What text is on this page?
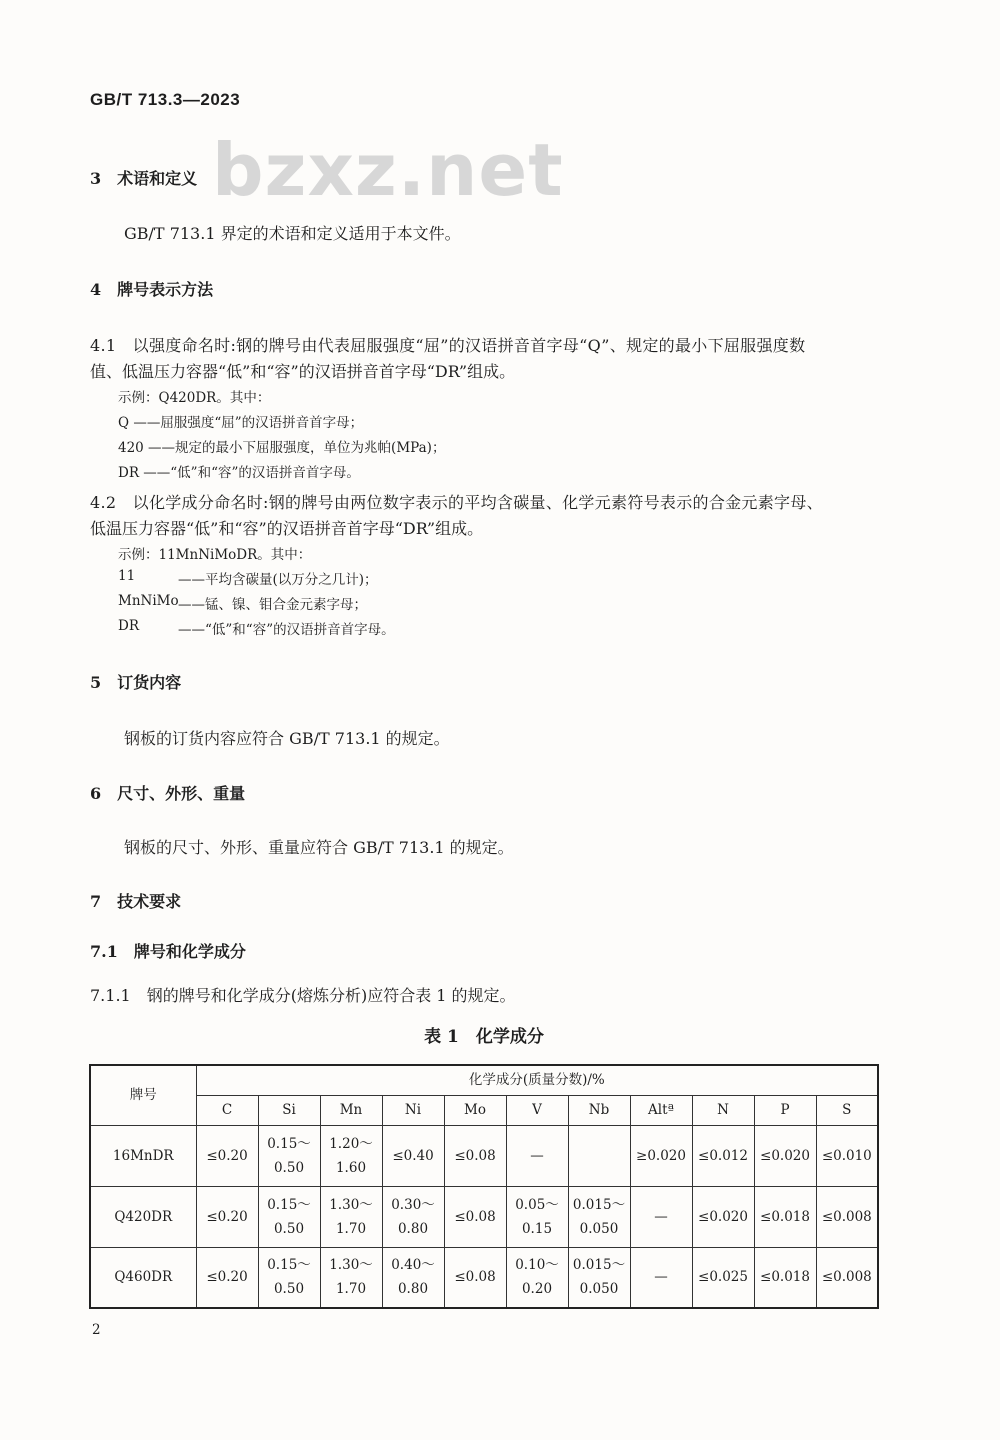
GB/T 713.3—2023
bzxz.net
3　术语和定义
GB/T 713.1 界定的术语和定义适用于本文件。
4　牌号表示方法
4.1　以强度命名时:钢的牌号由代表屈服强度“屈”的汉语拼音首字母“Q”、规定的最小下屈服强度数
值、低温压力容器“低”和“容”的汉语拼音首字母“DR”组成。
示例：Q420DR。其中：
Q ——屈服强度“屈”的汉语拼音首字母；
420 ——规定的最小下屈服强度，单位为兆帕(MPa)；
DR ——“低”和“容”的汉语拼音首字母。
4.2　以化学成分命名时:钢的牌号由两位数字表示的平均含碳量、化学元素符号表示的合金元素字母、
低温压力容器“低”和“容”的汉语拼音首字母“DR”组成。
示例：11MnNiMoDR。其中：
11	——平均含碳量(以万分之几计)；
MnNiMo ——锰、镍、钼合金元素字母；
DR	——“低”和“容”的汉语拼音首字母。
5　订货内容
钢板的订货内容应符合 GB/T 713.1 的规定。
6　尺寸、外形、重量
钢板的尺寸、外形、重量应符合 GB/T 713.1 的规定。
7　技术要求
7.1　牌号和化学成分
7.1.1　钢的牌号和化学成分(熔炼分析)应符合表 1 的规定。
表 1　化学成分
牌号	化学成分(质量分数)/%										
	C	Si	Mn	Ni	Mo	V	Nb	Altª	N	P	S
16MnDR	≤0.20	0.15～
0.50	1.20～
1.60	≤0.40	≤0.08	—		≥0.020	≤0.012	≤0.020	≤0.010
Q420DR	≤0.20	0.15～
0.50	1.30～
1.70	0.30～
0.80	≤0.08	0.05～
0.15	0.015～
0.050	—	≤0.020	≤0.018	≤0.008
Q460DR	≤0.20	0.15～
0.50	1.30～
1.70	0.40～
0.80	≤0.08	0.10～
0.20	0.015～
0.050	—	≤0.025	≤0.018	≤0.008
2
